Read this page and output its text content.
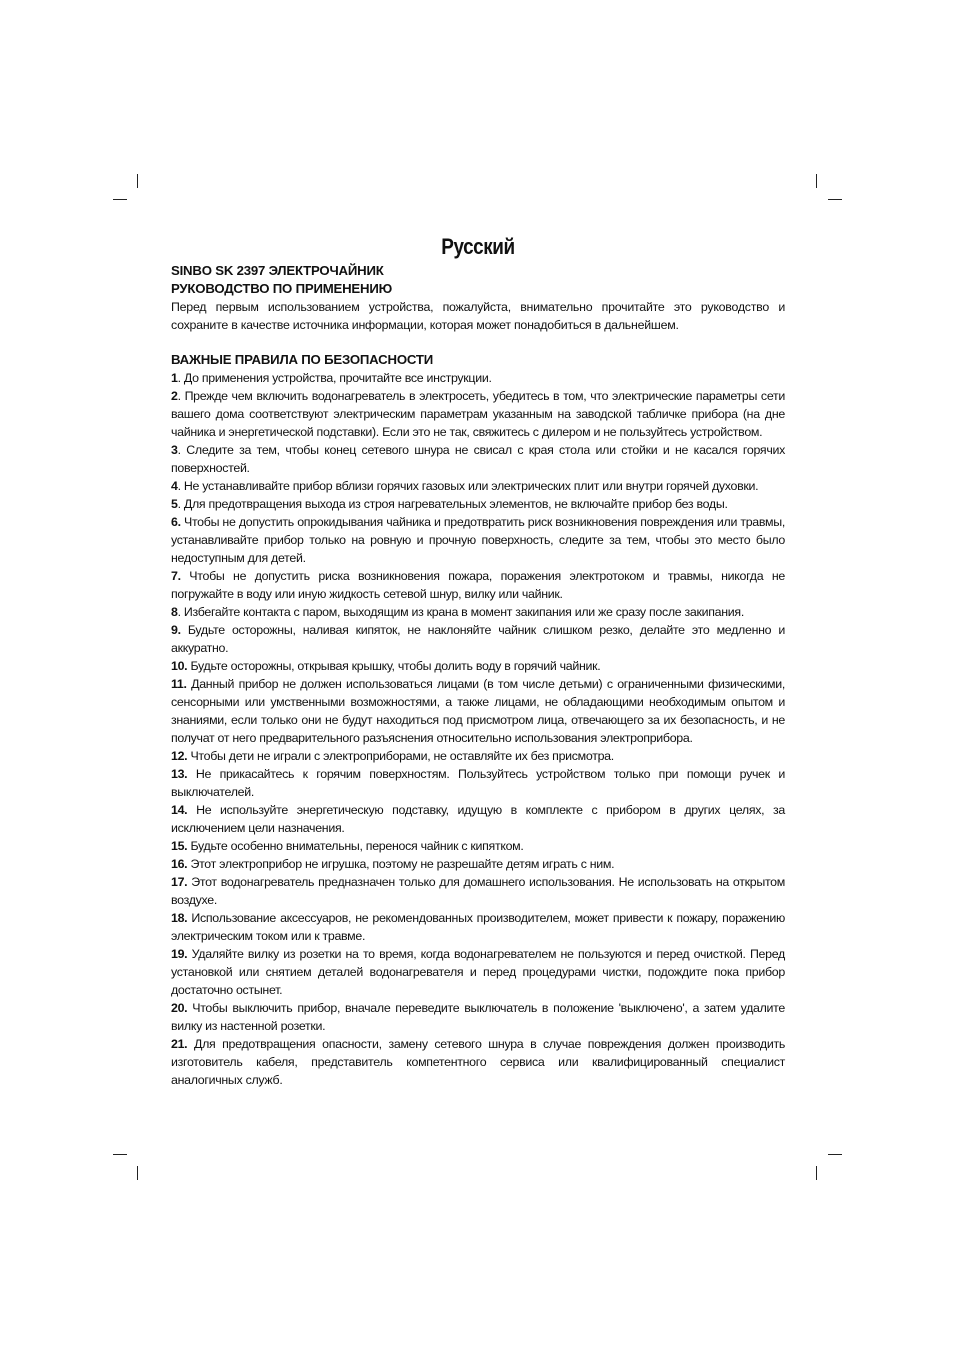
Русский

SINBO SK 2397 ЭЛЕКТРОЧАЙНИК

РУКОВОДСТВО ПО ПРИМЕНЕНИЮ

Перед первым использованием устройства, пожалуйста, внимательно прочитайте это руководство и сохраните в качестве источника информации, которая может понадобиться в дальнейшем.

ВАЖНЫЕ ПРАВИЛА ПО БЕЗОПАСНОСТИ

1. До применения устройства, прочитайте все инструкции.
2. Прежде чем включить водонагреватель в электросеть, убедитесь в том, что электрические параметры сети вашего дома соответствуют электрическим параметрам указанным на заводской табличке прибора (на дне чайника и энергетической подставки). Если это не так, свяжитесь с дилером и не пользуйтесь устройством.
3. Следите за тем, чтобы конец сетевого шнура не свисал с края стола или стойки и не касался горячих поверхностей.
4. Не устанавливайте прибор вблизи горячих газовых или электрических плит или внутри горячей духовки.
5. Для предотвращения выхода из строя нагревательных элементов, не включайте прибор без воды.
6. Чтобы не допустить опрокидывания чайника и предотвратить риск возникновения повреждения или травмы, устанавливайте прибор только на ровную и прочную поверхность, следите за тем, чтобы это место было недоступным для детей.
7. Чтобы не допустить риска возникновения пожара, поражения электротоком и травмы, никогда не погружайте в воду или иную жидкость сетевой шнур, вилку или чайник.
8. Избегайте контакта с паром, выходящим из крана в момент закипания или же сразу после закипания.
9. Будьте осторожны, наливая кипяток, не наклоняйте чайник слишком резко, делайте это медленно и аккуратно.
10. Будьте осторожны, открывая крышку, чтобы долить воду в горячий чайник.
11. Данный прибор не должен использоваться лицами (в том числе детьми) с ограниченными физическими, сенсорными или умственными возможностями, а также лицами, не обладающими необходимым опытом и знаниями, если только они не будут находиться под присмотром лица, отвечающего за их безопасность, и не получат от него предварительного разъяснения относительно использования электроприбора.
12. Чтобы дети не играли с электроприборами, не оставляйте их без присмотра.
13. Не прикасайтесь к горячим поверхностям. Пользуйтесь устройством только при помощи ручек и выключателей.
14. Не используйте энергетическую подставку, идущую в комплекте с прибором в других целях, за исключением цели назначения.
15. Будьте особенно внимательны, перенося чайник с кипятком.
16. Этот электроприбор не игрушка, поэтому не разрешайте детям играть с ним.
17. Этот водонагреватель предназначен только для домашнего использования. Не использовать на открытом воздухе.
18. Использование аксессуаров, не рекомендованных производителем, может привести к пожару, поражению электрическим током или к травме.
19. Удаляйте вилку из розетки на то время, когда водонагревателем не пользуются и перед очисткой. Перед установкой или снятием деталей водонагревателя и перед процедурами чистки, подождите пока прибор достаточно остынет.
20. Чтобы выключить прибор, вначале переведите выключатель в положение 'выключено', а затем удалите вилку из настенной розетки.
21. Для предотвращения опасности, замену сетевого шнура в случае повреждения должен производить изготовитель кабеля, представитель компетентного сервиса или квалифицированный специалист аналогичных служб.
